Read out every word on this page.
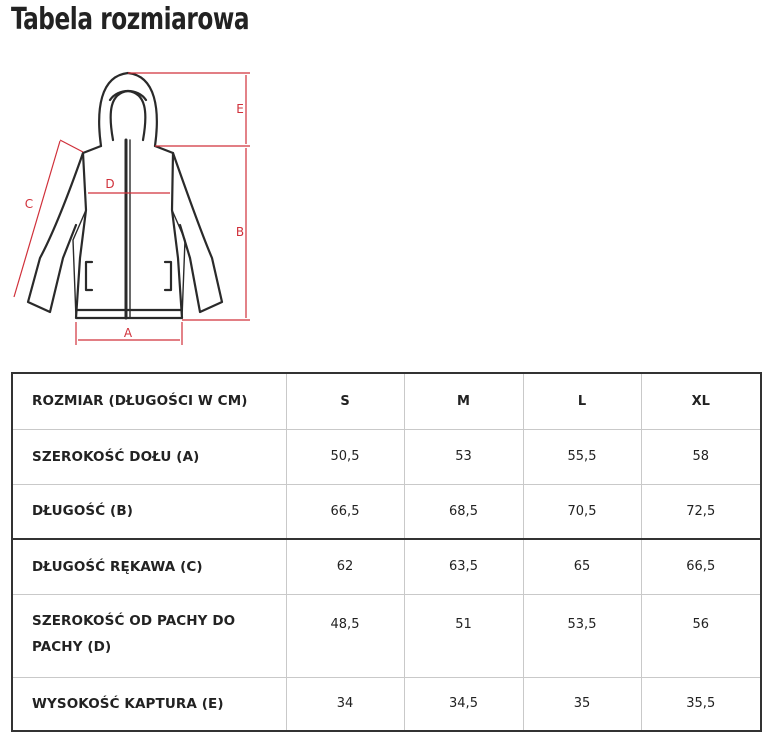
Tabela rozmiarowa
E
B
A
D
C
ROZMIAR (DŁUGOŚCI W CM)	S	M	L	XL
SZEROKOŚĆ DOŁU (A)	50,5	53	55,5	58
DŁUGOŚĆ (B)	66,5	68,5	70,5	72,5
DŁUGOŚĆ RĘKAWA (C)	62	63,5	65	66,5
SZEROKOŚĆ OD PACHY DO PACHY (D)	48,5	51	53,5	56
WYSOKOŚĆ KAPTURA (E)	34	34,5	35	35,5
